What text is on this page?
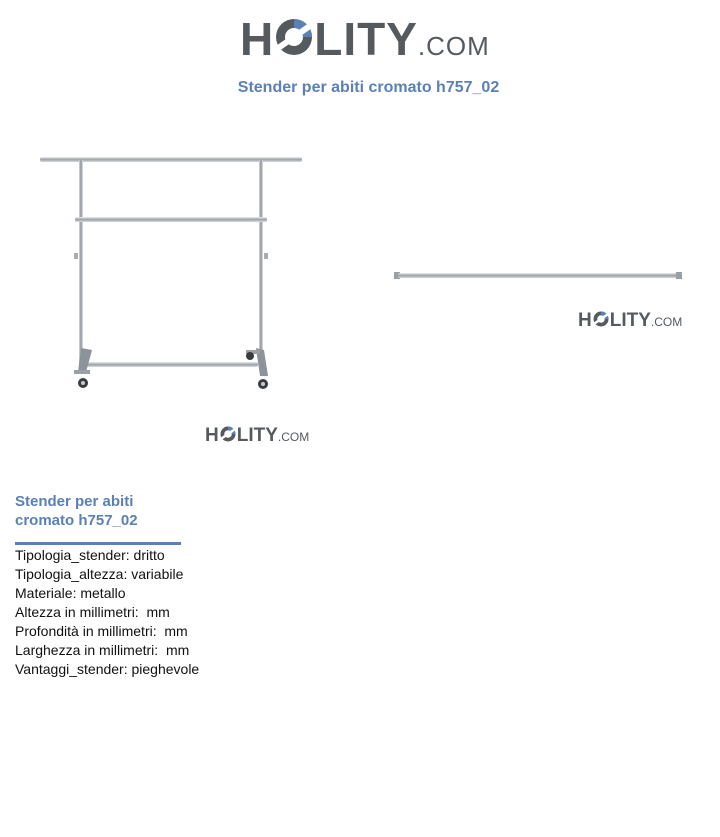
H LITY .COM
Stender per abiti cromato h757_02
H LITY .COM
H LITY .COM
Stender per abiti cromato h757_02
Tipologia_stender: dritto
Tipologia_altezza: variabile
Materiale: metallo
Altezza in millimetri:  mm
Profondità in millimetri:  mm
Larghezza in millimetri:  mm
Vantaggi_stender: pieghevole
